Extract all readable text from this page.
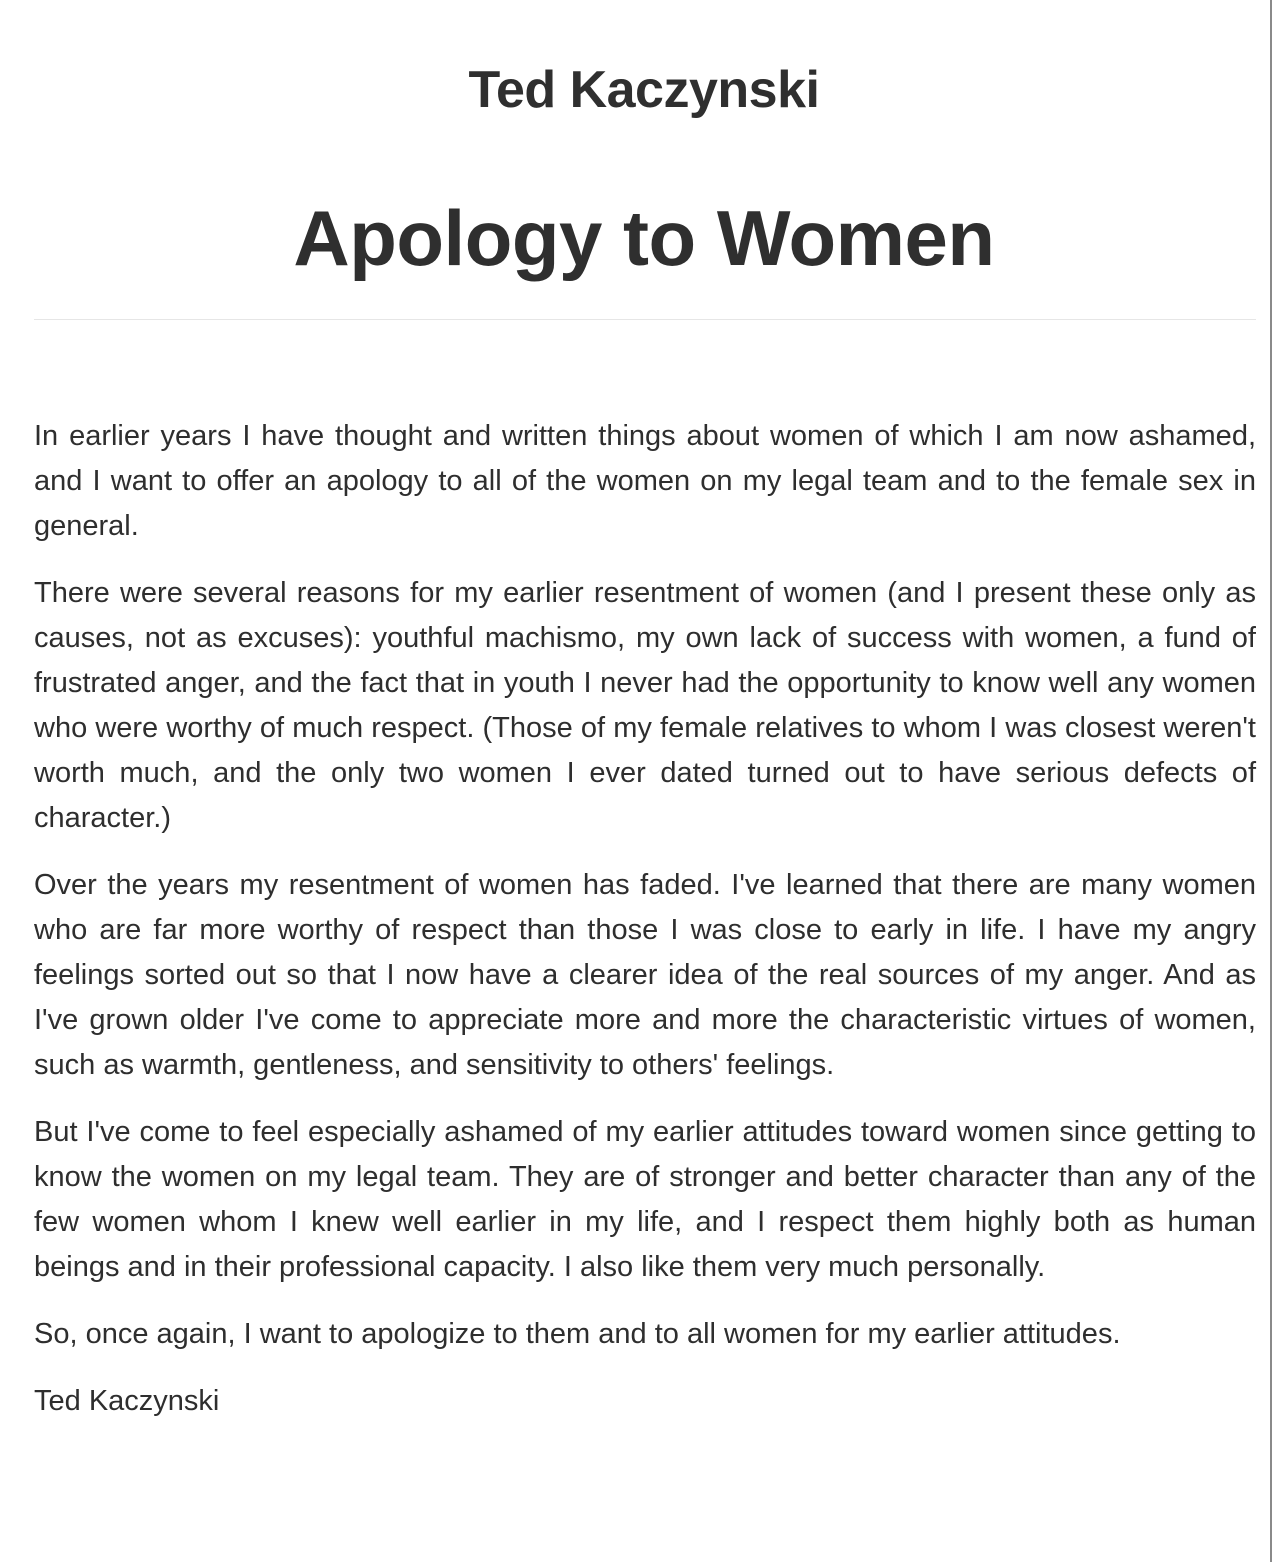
Ted Kaczynski
Apology to Women

In earlier years I have thought and written things about women of which I am now ashamed, and I want to offer an apology to all of the women on my legal team and to the female sex in general.

There were several reasons for my earlier resentment of women (and I present these only as causes, not as excuses): youthful machismo, my own lack of success with women, a fund of frustrated anger, and the fact that in youth I never had the opportunity to know well any women who were worthy of much respect. (Those of my female relatives to whom I was closest weren't worth much, and the only two women I ever dated turned out to have serious defects of character.)

Over the years my resentment of women has faded. I've learned that there are many women who are far more worthy of respect than those I was close to early in life. I have my angry feelings sorted out so that I now have a clearer idea of the real sources of my anger. And as I've grown older I've come to appreciate more and more the characteristic virtues of women, such as warmth, gentleness, and sensitivity to others' feelings.

But I've come to feel especially ashamed of my earlier attitudes toward women since getting to know the women on my legal team. They are of stronger and better character than any of the few women whom I knew well earlier in my life, and I respect them highly both as human beings and in their professional capacity. I also like them very much personally.

So, once again, I want to apologize to them and to all women for my earlier attitudes.

Ted Kaczynski
